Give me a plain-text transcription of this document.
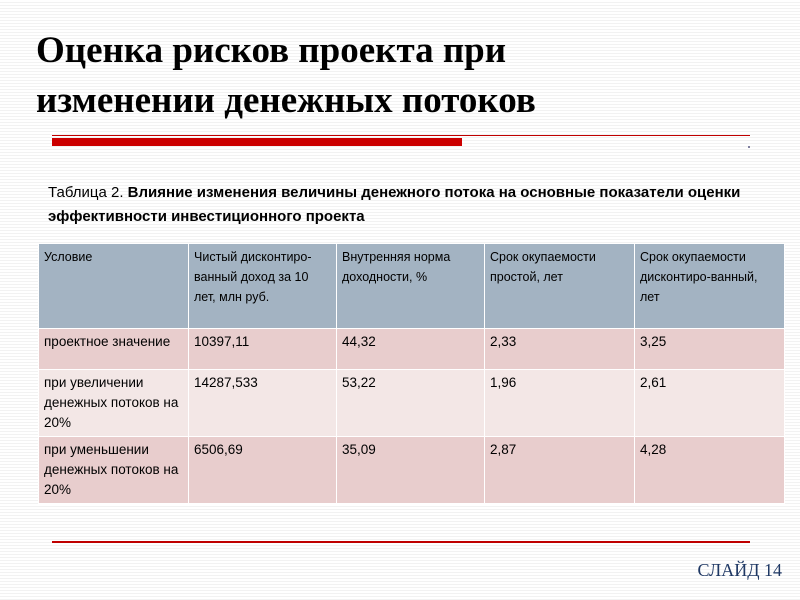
Оценка рисков проекта при
изменении денежных потоков

Таблица 2. Влияние изменения величины денежного потока на основные показатели оценки эффективности инвестиционного проекта

Условие	Чистый дисконтиро-ванный доход за 10 лет, млн руб.	Внутренняя норма доходности, %	Срок окупаемости простой, лет	Срок окупаемости дисконтиро-ванный, лет
проектное значение	10397,11	44,32	2,33	3,25
при увеличении денежных потоков на 20%	14287,533	53,22	1,96	2,61
при уменьшении денежных потоков на 20%	6506,69	35,09	2,87	4,28
СЛАЙД 14
